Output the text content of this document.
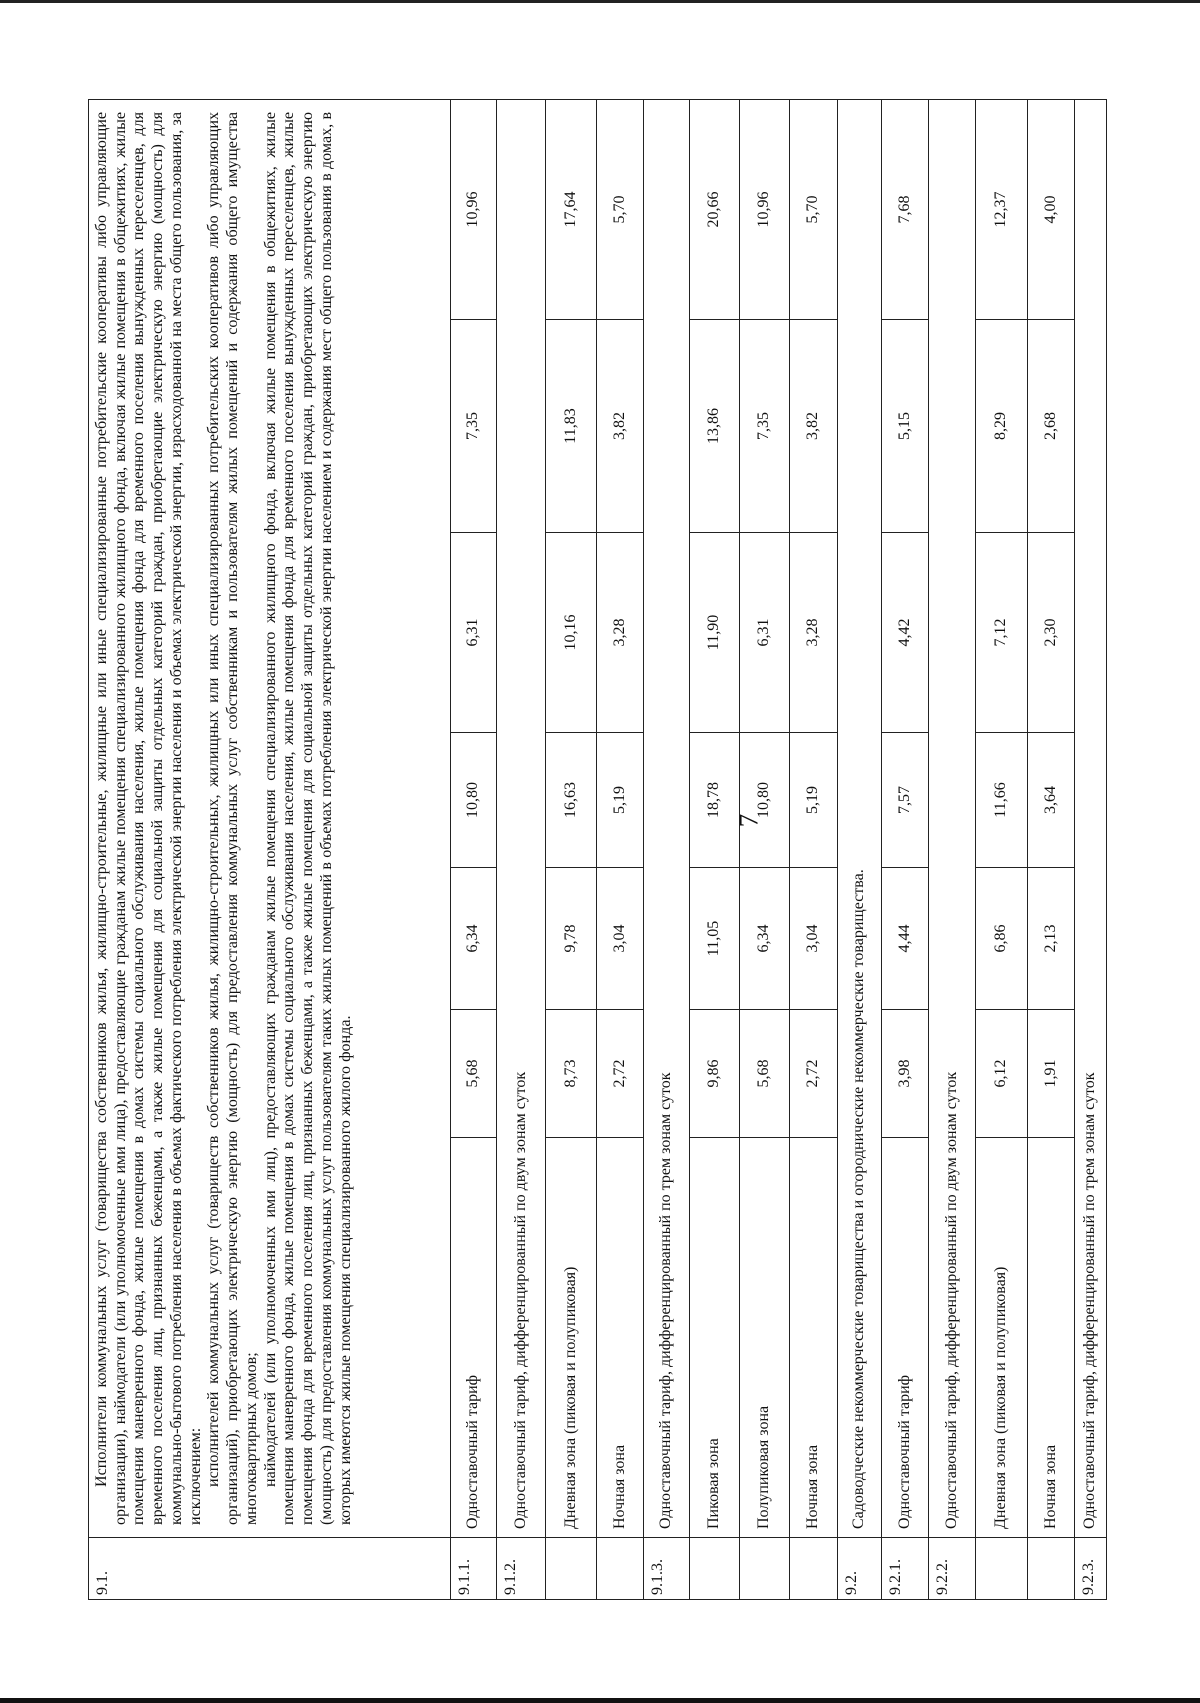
7
9.1.	Исполнители коммунальных услуг (товарищества собственников жилья, жилищно-строительные, жилищные или иные специализированные потребительские кооперативы либо управляющие организации), наймодатели (или уполномоченные ими лица), предоставляющие гражданам жилые помещения специализированного жилищного фонда, включая жилые помещения в общежитиях, жилые помещения маневренного фонда, жилые помещения в домах системы социального обслуживания населения, жилые помещения фонда для временного поселения вынужденных переселенцев, для временного поселения лиц, признанных беженцами, а также жилые помещения для социальной защиты отдельных категорий граждан, приобретающие электрическую энергию (мощность) для коммунально-бытового потребления населения в объемах фактического потребления электрической энергии населения и объемах электрической энергии, израсходованной на места общего пользования, за исключением: исполнителей коммунальных услуг (товариществ собственников жилья, жилищно-строительных, жилищных или иных специализированных потребительских кооперативов либо управляющих организаций), приобретающих электрическую энергию (мощность) для предоставления коммунальных услуг собственникам и пользователям жилых помещений и содержания общего имущества многоквартирных домов; наймодателей (или уполномоченных ими лиц), предоставляющих гражданам жилые помещения специализированного жилищного фонда, включая жилые помещения в общежитиях, жилые помещения маневренного фонда, жилые помещения в домах системы социального обслуживания населения, жилые помещения фонда для временного поселения вынужденных переселенцев, жилые помещения фонда для временного поселения лиц, признанных беженцами, а также жилые помещения для социальной защиты отдельных категорий граждан, приобретающих электрическую энергию (мощность) для предоставления коммунальных услуг пользователям таких жилых помещений в объемах потребления электрической энергии населением и содержания мест общего пользования в домах, в которых имеются жилые помещения специализированного жилого фонда.						

9.1.1.	Одноставочный тариф	5,68	6,34	10,80	6,31	7,35	10,96
9.1.2.	Одноставочный тариф, дифференцированный по двум зонам суток						
	Дневная зона (пиковая и полупиковая)	8,73	9,78	16,63	10,16	11,83	17,64
	Ночная зона	2,72	3,04	5,19	3,28	3,82	5,70
9.1.3.	Одноставочный тариф, дифференцированный по трем зонам суток						
	Пиковая зона	9,86	11,05	18,78	11,90	13,86	20,66
	Полупиковая зона	5,68	6,34	10,80	6,31	7,35	10,96
	Ночная зона	2,72	3,04	5,19	3,28	3,82	5,70
9.2.	Садоводческие некоммерческие товарищества и огороднические некоммерческие товарищества.						
9.2.1.	Одноставочный тариф	3,98	4,44	7,57	4,42	5,15	7,68
9.2.2.	Одноставочный тариф, дифференцированный по двум зонам суток						
	Дневная зона (пиковая и полупиковая)	6,12	6,86	11,66	7,12	8,29	12,37
	Ночная зона	1,91	2,13	3,64	2,30	2,68	4,00
9.2.3.	Одноставочный тариф, дифференцированный по трем зонам суток						
